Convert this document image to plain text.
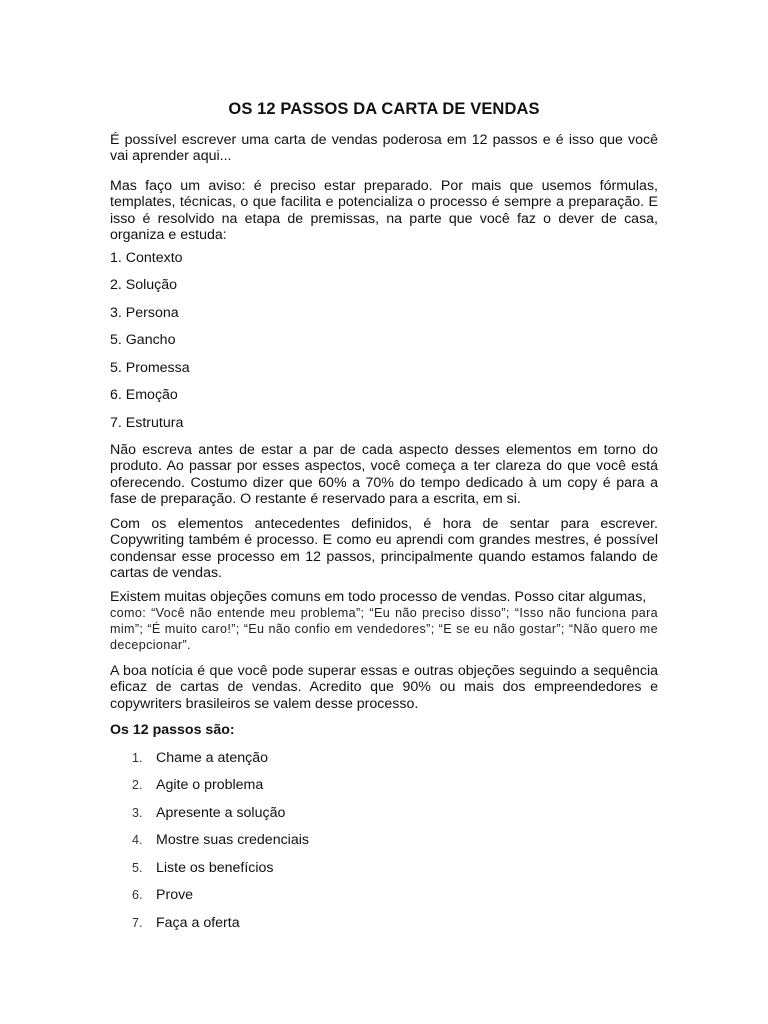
OS 12 PASSOS DA CARTA DE VENDAS

É possível escrever uma carta de vendas poderosa em 12 passos e é isso que você vai aprender aqui...

Mas faço um aviso: é preciso estar preparado. Por mais que usemos fórmulas, templates, técnicas, o que facilita e potencializa o processo é sempre a preparação. E isso é resolvido na etapa de premissas, na parte que você faz o dever de casa, organiza e estuda:

1. Contexto
2. Solução
3. Persona
5. Gancho
5. Promessa
6. Emoção
7. Estrutura

Não escreva antes de estar a par de cada aspecto desses elementos em torno do produto. Ao passar por esses aspectos, você começa a ter clareza do que você está oferecendo. Costumo dizer que 60% a 70% do tempo dedicado à um copy é para a fase de preparação. O restante é reservado para a escrita, em si.

Com os elementos antecedentes definidos, é hora de sentar para escrever. Copywriting também é processo. E como eu aprendi com grandes mestres, é possível condensar esse processo em 12 passos, principalmente quando estamos falando de cartas de vendas.

Existem muitas objeções comuns em todo processo de vendas. Posso citar algumas,

como: “Você não entende meu problema”; “Eu não preciso disso”; “Isso não funciona para mim”; “É muito caro!”; “Eu não confio em vendedores”; “E se eu não gostar”; “Não quero me decepcionar”.

A boa notícia é que você pode superar essas e outras objeções seguindo a sequência eficaz de cartas de vendas. Acredito que 90% ou mais dos empreendedores e copywriters brasileiros se valem desse processo.

Os 12 passos são:
1. Chame a atenção
2. Agite o problema
3. Apresente a solução
4. Mostre suas credenciais
5. Liste os benefícios
6. Prove
7. Faça a oferta
